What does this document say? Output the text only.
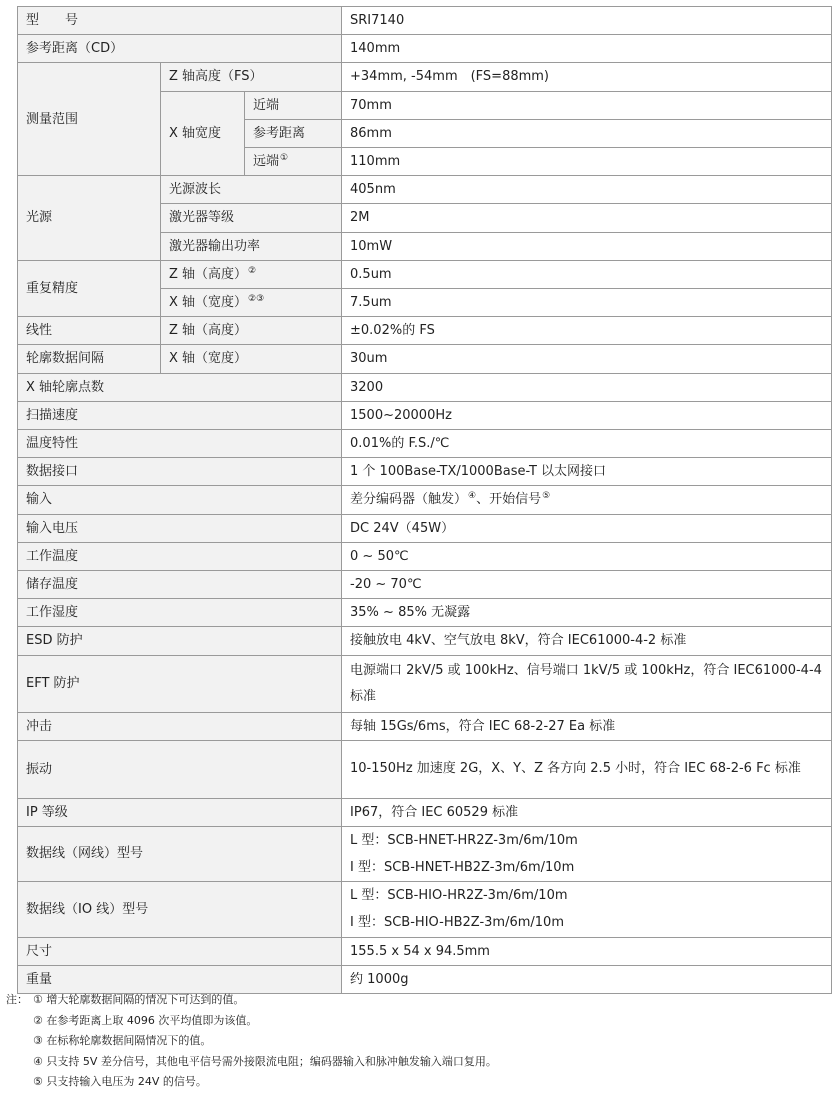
型　　号			SRI7140
参考距离（CD）			140mm
测量范围	Z 轴高度（FS）		+34mm, -54mm　(FS=88mm)
	X 轴宽度	近端	70mm
		参考距离	86mm
		远端①	110mm
光源	光源波长		405nm
	激光器等级		2M
	激光器输出功率		10mW
重复精度	Z 轴（高度）②		0.5um
	X 轴（宽度）②③		7.5um
线性	Z 轴（高度）		±0.02%的 FS
轮廓数据间隔	X 轴（宽度）		30um
X 轴轮廓点数			3200
扫描速度			1500~20000Hz
温度特性			0.01%的 F.S./℃
数据接口			1 个 100Base-TX/1000Base-T 以太网接口
输入			差分编码器（触发）④、开始信号⑤
输入电压			DC 24V（45W）
工作温度			0 ~ 50℃
储存温度			-20 ~ 70℃
工作湿度			35% ~ 85% 无凝露
ESD 防护			接触放电 4kV、空气放电 8kV，符合 IEC61000-4-2 标准
EFT 防护			电源端口 2kV/5 或 100kHz、信号端口 1kV/5 或 100kHz，符合 IEC61000-4-4 标准
冲击			每轴 15Gs/6ms，符合 IEC 68-2-27 Ea 标准
振动			10-150Hz 加速度 2G，X、Y、Z 各方向 2.5 小时，符合 IEC 68-2-6 Fc 标准
IP 等级			IP67，符合 IEC 60529 标准
数据线（网线）型号			L 型：SCB-HNET-HR2Z-3m/6m/10m
I 型：SCB-HNET-HB2Z-3m/6m/10m

数据线（IO 线）型号			L 型：SCB-HIO-HR2Z-3m/6m/10m
I 型：SCB-HIO-HB2Z-3m/6m/10m

尺寸			155.5 x 54 x 94.5mm
重量			约 1000g
注： ① 增大轮廓数据间隔的情况下可达到的值。
② 在参考距离上取 4096 次平均值即为该值。
③ 在标称轮廓数据间隔情况下的值。
④ 只支持 5V 差分信号，其他电平信号需外接限流电阻；编码器输入和脉冲触发输入端口复用。
⑤ 只支持输入电压为 24V 的信号。
